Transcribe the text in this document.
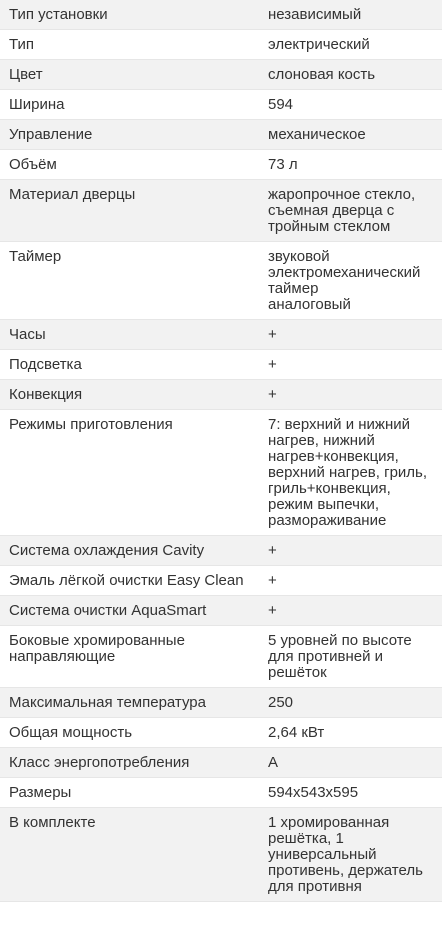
Тип установки	независимый
Тип	электрический
Цвет	слоновая кость
Ширина	594
Управление	механическое
Объём	73 л
Материал дверцы	жаропрочное стекло, съемная дверца с тройным стеклом
Таймер	звуковой
электромеханический таймер
аналоговый
Часы	+
Подсветка	+
Конвекция	+
Режимы приготовления	7: верхний и нижний нагрев, нижний нагрев+конвекция, верхний нагрев, гриль, гриль+конвекция, режим выпечки, размораживание
Система охлаждения Cavity	+
Эмаль лёгкой очистки Easy Clean	+
Система очистки AquaSmart	+
Боковые хромированные направляющие	5 уровней по высоте для противней и решёток
Максимальная температура	250
Общая мощность	2,64 кВт
Класс энергопотребления	A
Размеры	594x543x595
В комплекте	1 хромированная решётка, 1 универсальный противень, держатель для противня
